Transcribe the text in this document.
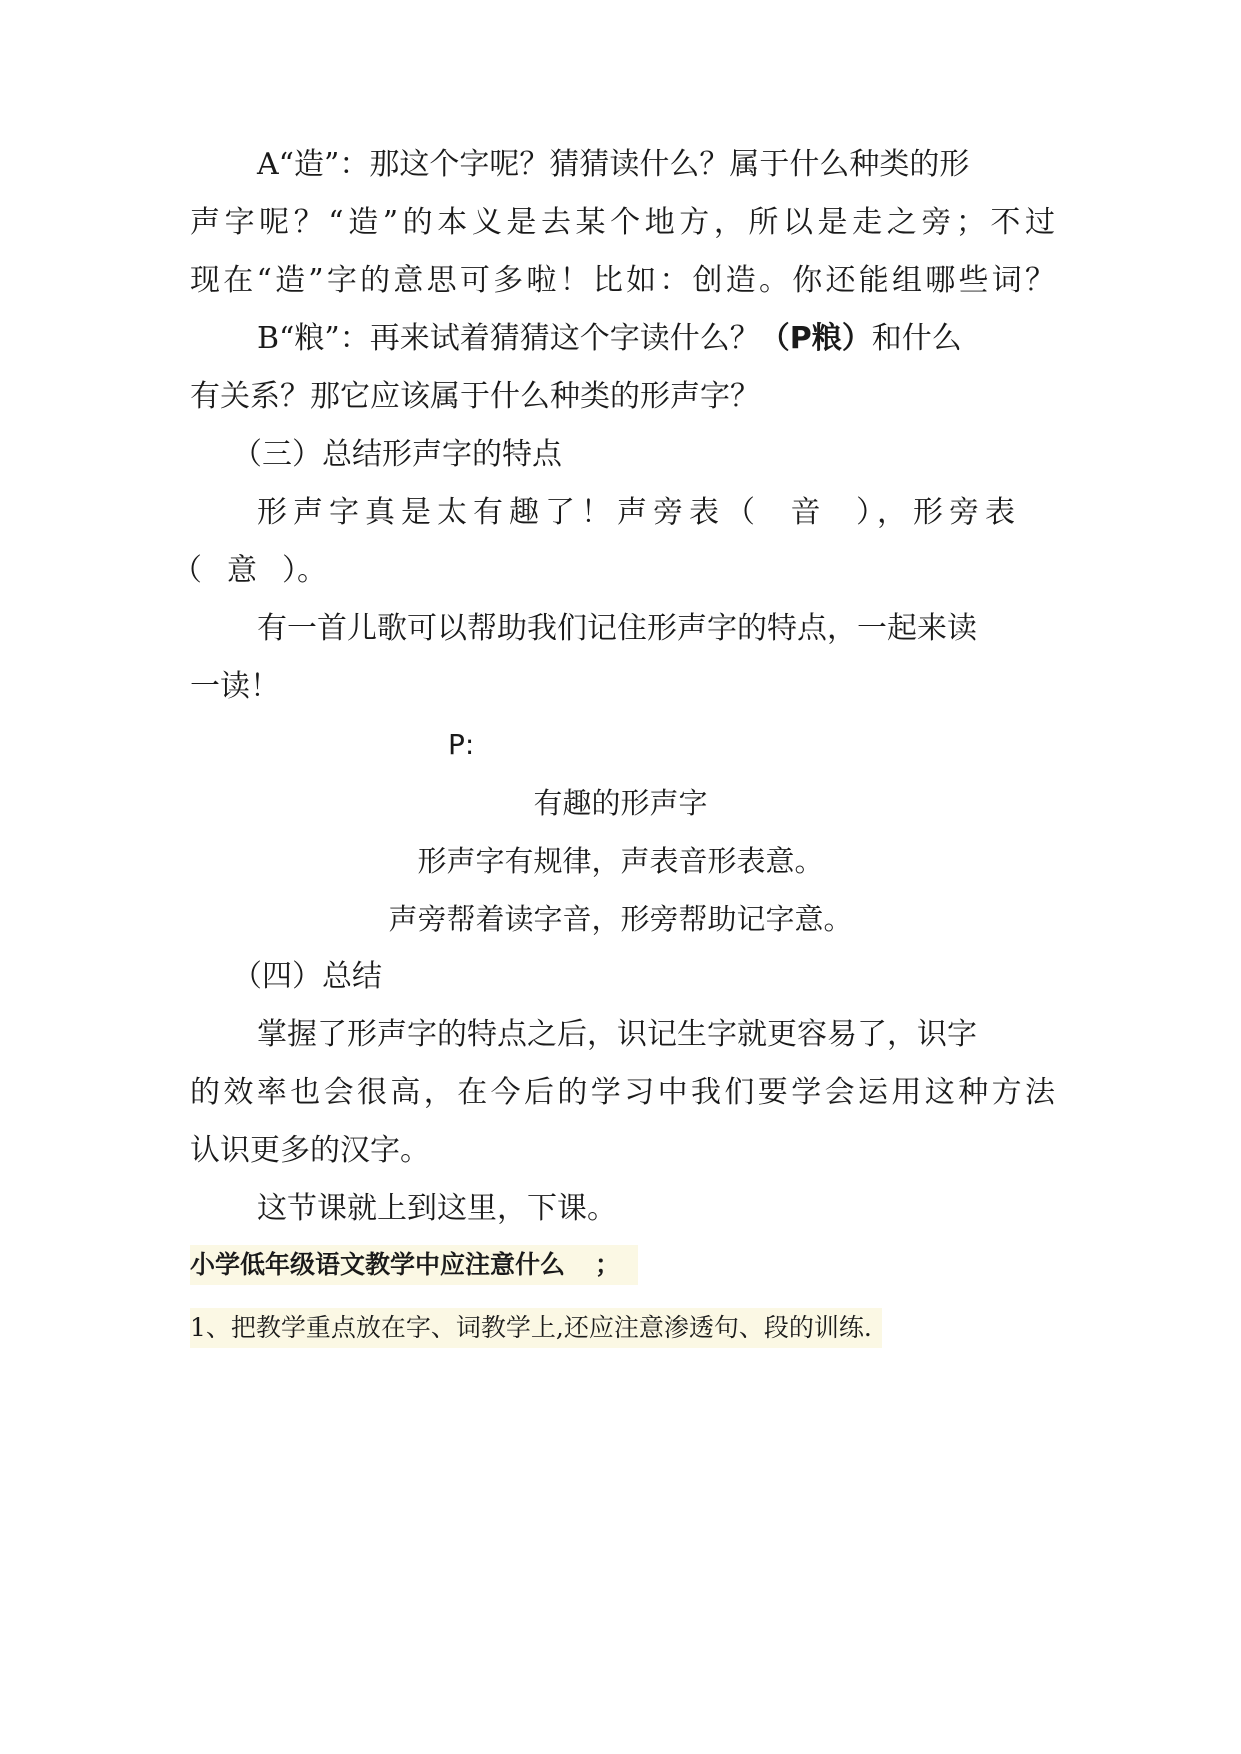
A“造”：那这个字呢？猜猜读什么？属于什么种类的形
声字呢？“造”的本义是去某个地方，所以是走之旁；不过
现在“造”字的意思可多啦！比如：创造。你还能组哪些词？
B“粮”：再来试着猜猜这个字读什么？（P粮）和什么
有关系？那它应该属于什么种类的形声字？
（三）总结形声字的特点
形声字真是太有趣了！声旁表（ 音 ），形旁表
（ 意 ）。
有一首儿歌可以帮助我们记住形声字的特点，一起来读
一读！
P:
有趣的形声字
形声字有规律，声表音形表意。
声旁帮着读字音，形旁帮助记字意。
（四）总结
掌握了形声字的特点之后，识记生字就更容易了，识字
的效率也会很高，在今后的学习中我们要学会运用这种方法
认识更多的汉字。
这节课就上到这里，下课。
小学低年级语文教学中应注意什么 ；
1、把教学重点放在字、词教学上,还应注意渗透句、段的训练.
